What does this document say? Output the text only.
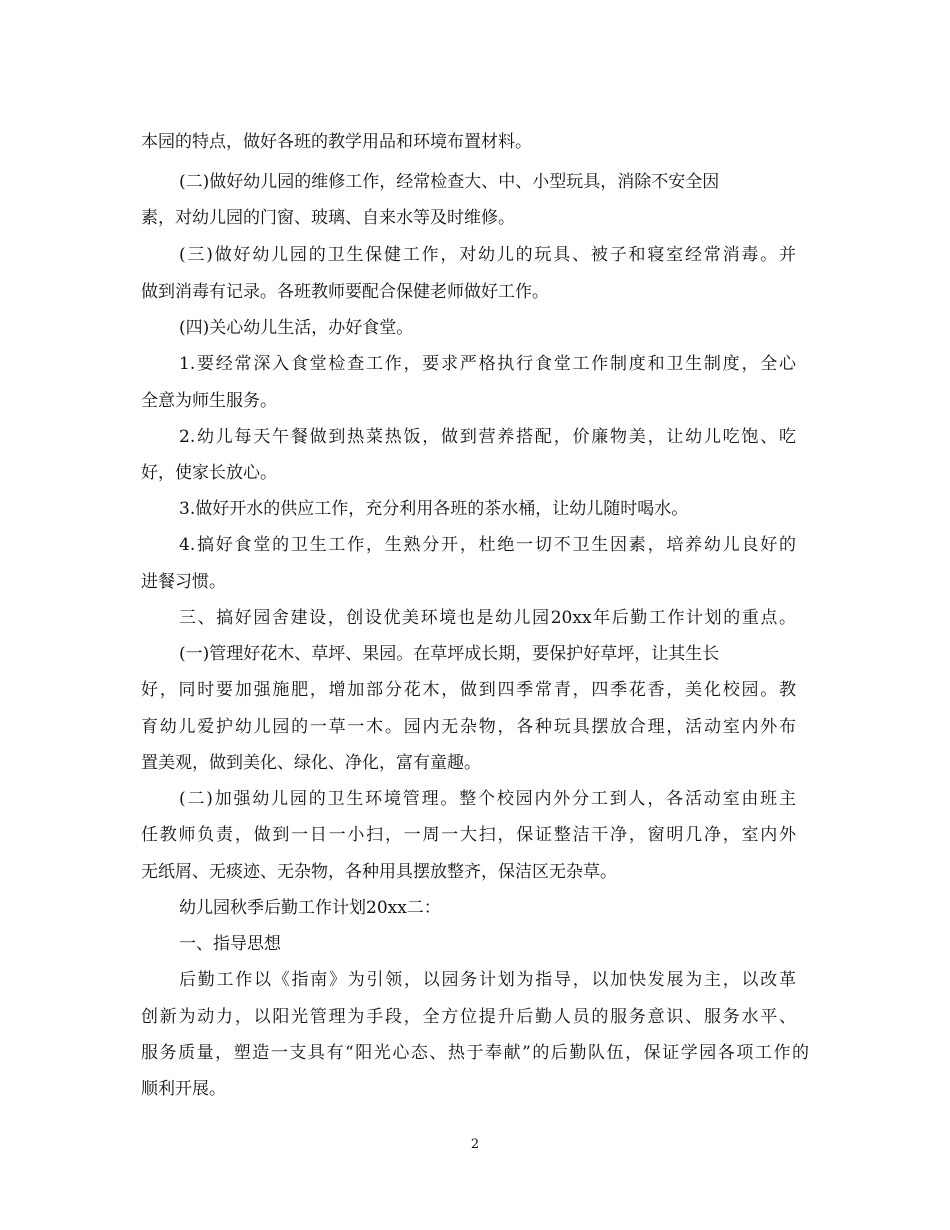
本园的特点，做好各班的教学用品和环境布置材料。
(二)做好幼儿园的维修工作，经常检查大、中、小型玩具，消除不安全因
素，对幼儿园的门窗、玻璃、自来水等及时维修。
(三)做好幼儿园的卫生保健工作，对幼儿的玩具、被子和寝室经常消毒。并
做到消毒有记录。各班教师要配合保健老师做好工作。
(四)关心幼儿生活，办好食堂。
1.要经常深入食堂检查工作，要求严格执行食堂工作制度和卫生制度，全心
全意为师生服务。
2.幼儿每天午餐做到热菜热饭，做到营养搭配，价廉物美，让幼儿吃饱、吃
好，使家长放心。
3.做好开水的供应工作，充分利用各班的茶水桶，让幼儿随时喝水。
4.搞好食堂的卫生工作，生熟分开，杜绝一切不卫生因素，培养幼儿良好的
进餐习惯。
三、搞好园舍建设，创设优美环境也是幼儿园20xx年后勤工作计划的重点。
(一)管理好花木、草坪、果园。在草坪成长期，要保护好草坪，让其生长
好，同时要加强施肥，增加部分花木，做到四季常青，四季花香，美化校园。教
育幼儿爱护幼儿园的一草一木。园内无杂物，各种玩具摆放合理，活动室内外布
置美观，做到美化、绿化、净化，富有童趣。
(二)加强幼儿园的卫生环境管理。整个校园内外分工到人，各活动室由班主
任教师负责，做到一日一小扫，一周一大扫，保证整洁干净，窗明几净，室内外
无纸屑、无痰迹、无杂物，各种用具摆放整齐，保洁区无杂草。
幼儿园秋季后勤工作计划20xx二：
一、指导思想
后勤工作以《指南》为引领，以园务计划为指导，以加快发展为主，以改革
创新为动力，以阳光管理为手段，全方位提升后勤人员的服务意识、服务水平、
服务质量，塑造一支具有“阳光心态、热于奉献”的后勤队伍，保证学园各项工作的
顺利开展。
2
